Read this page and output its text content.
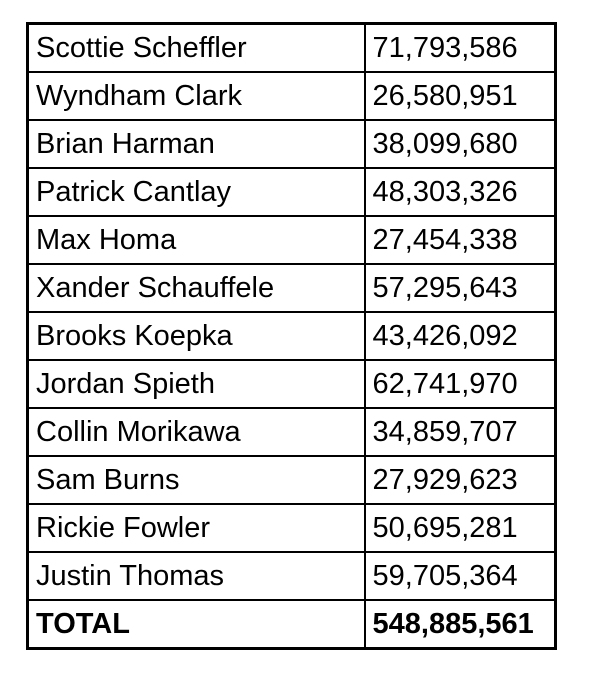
Scottie Scheffler	71,793,586
Wyndham Clark	26,580,951
Brian Harman	38,099,680
Patrick Cantlay	48,303,326
Max Homa	27,454,338
Xander Schauffele	57,295,643
Brooks Koepka	43,426,092
Jordan Spieth	62,741,970
Collin Morikawa	34,859,707
Sam Burns	27,929,623
Rickie Fowler	50,695,281
Justin Thomas	59,705,364
TOTAL	548,885,561
